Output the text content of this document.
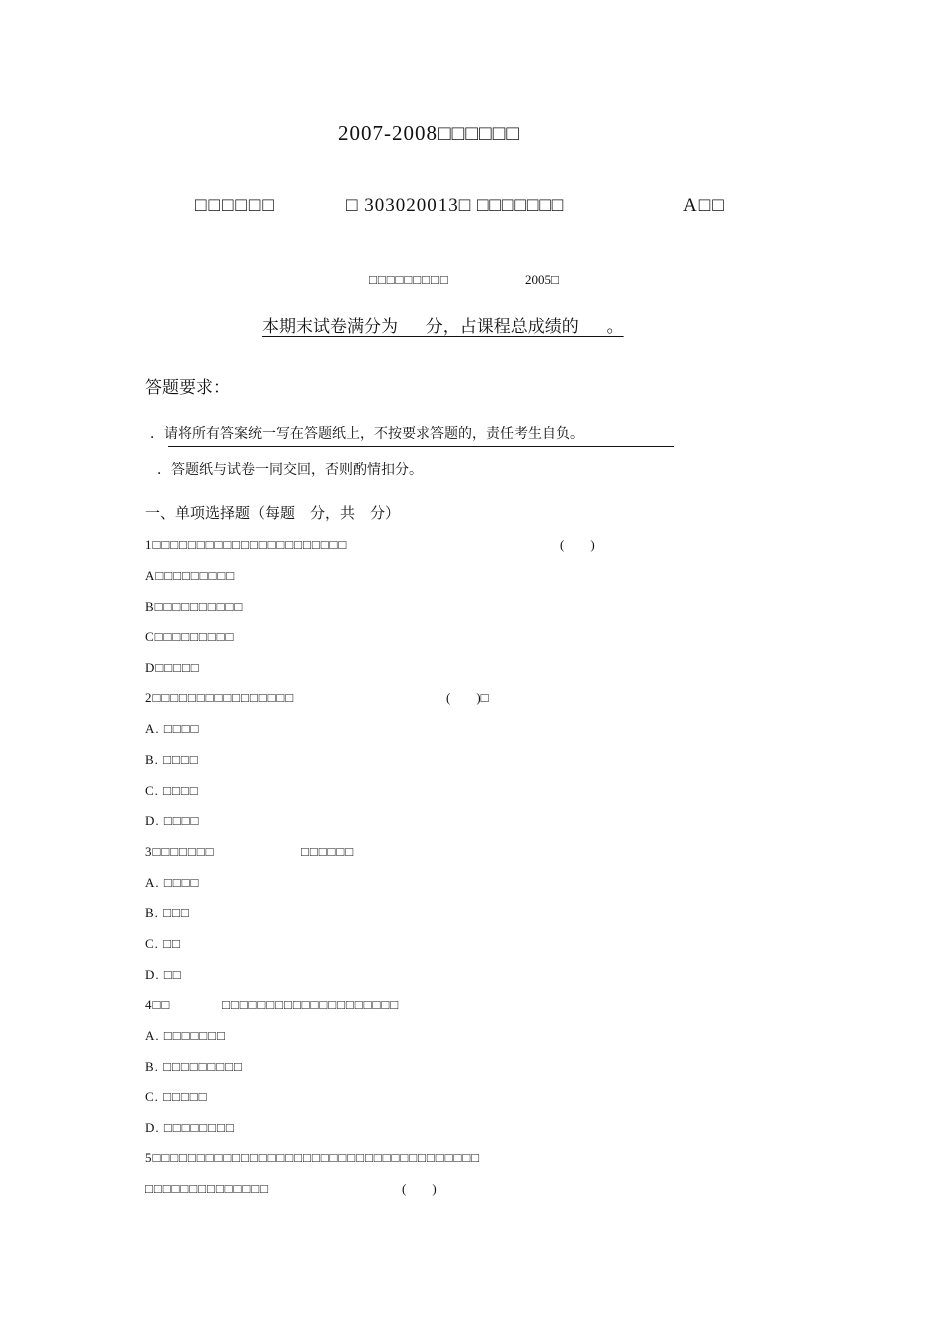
2007-2008□□□□□□
□□□□□□	□ 303020013□ □□□□□□□	A□□
□□□□□□□□□	2005□
本期末试卷满分为 　 分，占课程总成绩的 　 。
答题要求：
．请将所有答案统一写在答题纸上，不按要求答题的，责任考生自负。
．答题纸与试卷一同交回，否则酌情扣分。
一、单项选择题（每题　分，共　分）
1□□□□□□□□□□□□□□□□□□□□□□	(　　)
A□□□□□□□□□
B□□□□□□□□□□
C□□□□□□□□□
D□□□□□
2□□□□□□□□□□□□□□□□	(　　)□
A. □□□□
B. □□□□
C. □□□□
D. □□□□
3□□□□□□□	□□□□□□
A. □□□□
B. □□□
C. □□
D. □□
4□□	□□□□□□□□□□□□□□□□□□□□
A. □□□□□□□
B. □□□□□□□□□
C. □□□□□
D. □□□□□□□□
5□□□□□□□□□□□□□□□□□□□□□□□□□□□□□□□□□□□□□
□□□□□□□□□□□□□□	(　　)
